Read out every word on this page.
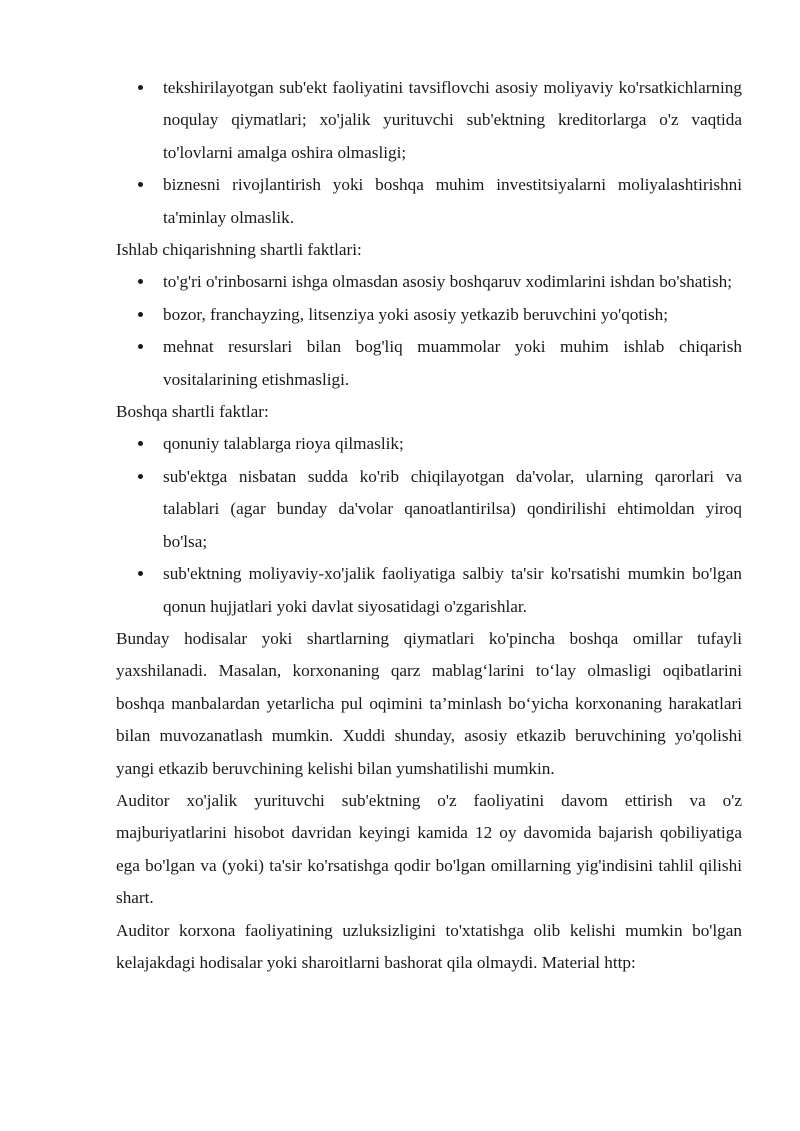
tekshirilayotgan sub'ekt faoliyatini tavsiflovchi asosiy moliyaviy ko'rsatkichlarning noqulay qiymatlari; xo'jalik yurituvchi sub'ektning kreditorlarga o'z vaqtida to'lovlarni amalga oshira olmasligi;
biznesni rivojlantirish yoki boshqa muhim investitsiyalarni moliyalashtirishni ta'minlay olmaslik.

Ishlab chiqarishning shartli faktlari:

to'g'ri o'rinbosarni ishga olmasdan asosiy boshqaruv xodimlarini ishdan bo'shatish;
bozor, franchayzing, litsenziya yoki asosiy yetkazib beruvchini yo'qotish;
mehnat resurslari bilan bog'liq muammolar yoki muhim ishlab chiqarish vositalarining etishmasligi.

Boshqa shartli faktlar:

qonuniy talablarga rioya qilmaslik;
sub'ektga nisbatan sudda ko'rib chiqilayotgan da'volar, ularning qarorlari va talablari (agar bunday da'volar qanoatlantirilsa) qondirilishi ehtimoldan yiroq bo'lsa;
sub'ektning moliyaviy-xo'jalik faoliyatiga salbiy ta'sir ko'rsatishi mumkin bo'lgan qonun hujjatlari yoki davlat siyosatidagi o'zgarishlar.

Bunday hodisalar yoki shartlarning qiymatlari ko'pincha boshqa omillar tufayli yaxshilanadi. Masalan, korxonaning qarz mablag‘larini to‘lay olmasligi oqibatlarini boshqa manbalardan yetarlicha pul oqimini ta’minlash bo‘yicha korxonaning harakatlari bilan muvozanatlash mumkin. Xuddi shunday, asosiy etkazib beruvchining yo'qolishi yangi etkazib beruvchining kelishi bilan yumshatilishi mumkin.

Auditor xo'jalik yurituvchi sub'ektning o'z faoliyatini davom ettirish va o'z majburiyatlarini hisobot davridan keyingi kamida 12 oy davomida bajarish qobiliyatiga ega bo'lgan va (yoki) ta'sir ko'rsatishga qodir bo'lgan omillarning yig'indisini tahlil qilishi shart.

Auditor korxona faoliyatining uzluksizligini to'xtatishga olib kelishi mumkin bo'lgan kelajakdagi hodisalar yoki sharoitlarni bashorat qila olmaydi. Material http:
